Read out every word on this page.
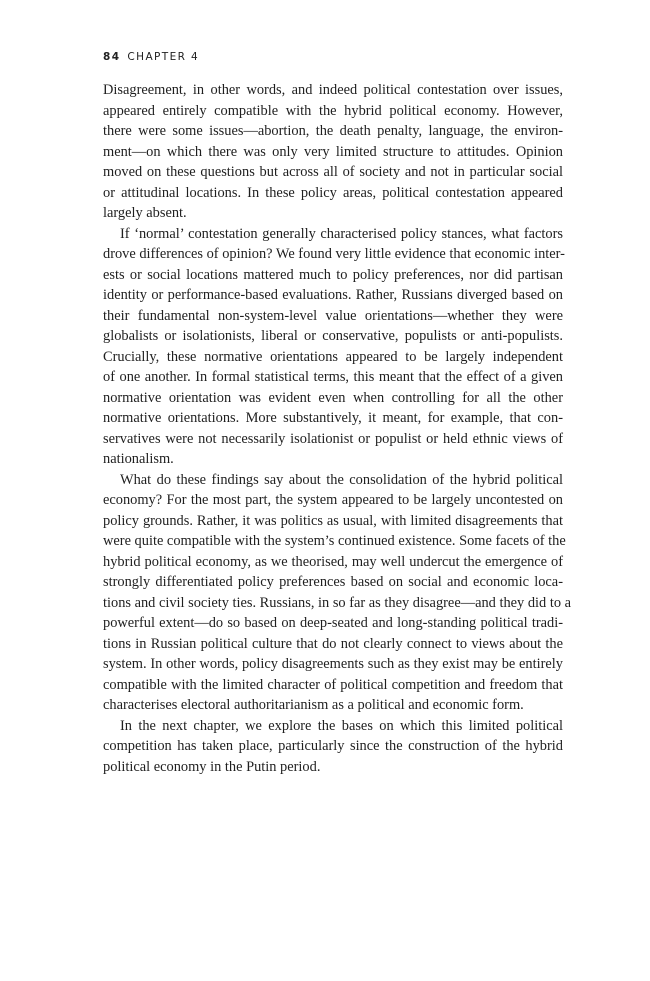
84 CHAPTER 4
Disagreement, in other words, and indeed political contestation over issues,
appeared entirely compatible with the hybrid political economy. However,
there were some issues—abortion, the death penalty, language, the environ-
ment—on which there was only very limited structure to attitudes. Opinion
moved on these questions but across all of society and not in particular social
or attitudinal locations. In these policy areas, political contestation appeared
largely absent.
If ‘normal’ contestation generally characterised policy stances, what factors
drove differences of opinion? We found very little evidence that economic inter-
ests or social locations mattered much to policy preferences, nor did partisan
identity or performance-based evaluations. Rather, Russians diverged based on
their fundamental non-system-level value orientations—whether they were
globalists or isolationists, liberal or conservative, populists or anti-populists.
Crucially, these normative orientations appeared to be largely independent
of one another. In formal statistical terms, this meant that the effect of a given
normative orientation was evident even when controlling for all the other
normative orientations. More substantively, it meant, for example, that con-
servatives were not necessarily isolationist or populist or held ethnic views of
nationalism.
What do these findings say about the consolidation of the hybrid political
economy? For the most part, the system appeared to be largely uncontested on
policy grounds. Rather, it was politics as usual, with limited disagreements that
were quite compatible with the system’s continued existence. Some facets of the
hybrid political economy, as we theorised, may well undercut the emergence of
strongly differentiated policy preferences based on social and economic loca-
tions and civil society ties. Russians, in so far as they disagree—and they did to a
powerful extent—do so based on deep-seated and long-standing political tradi-
tions in Russian political culture that do not clearly connect to views about the
system. In other words, policy disagreements such as they exist may be entirely
compatible with the limited character of political competition and freedom that
characterises electoral authoritarianism as a political and economic form.
In the next chapter, we explore the bases on which this limited political
competition has taken place, particularly since the construction of the hybrid
political economy in the Putin period.
